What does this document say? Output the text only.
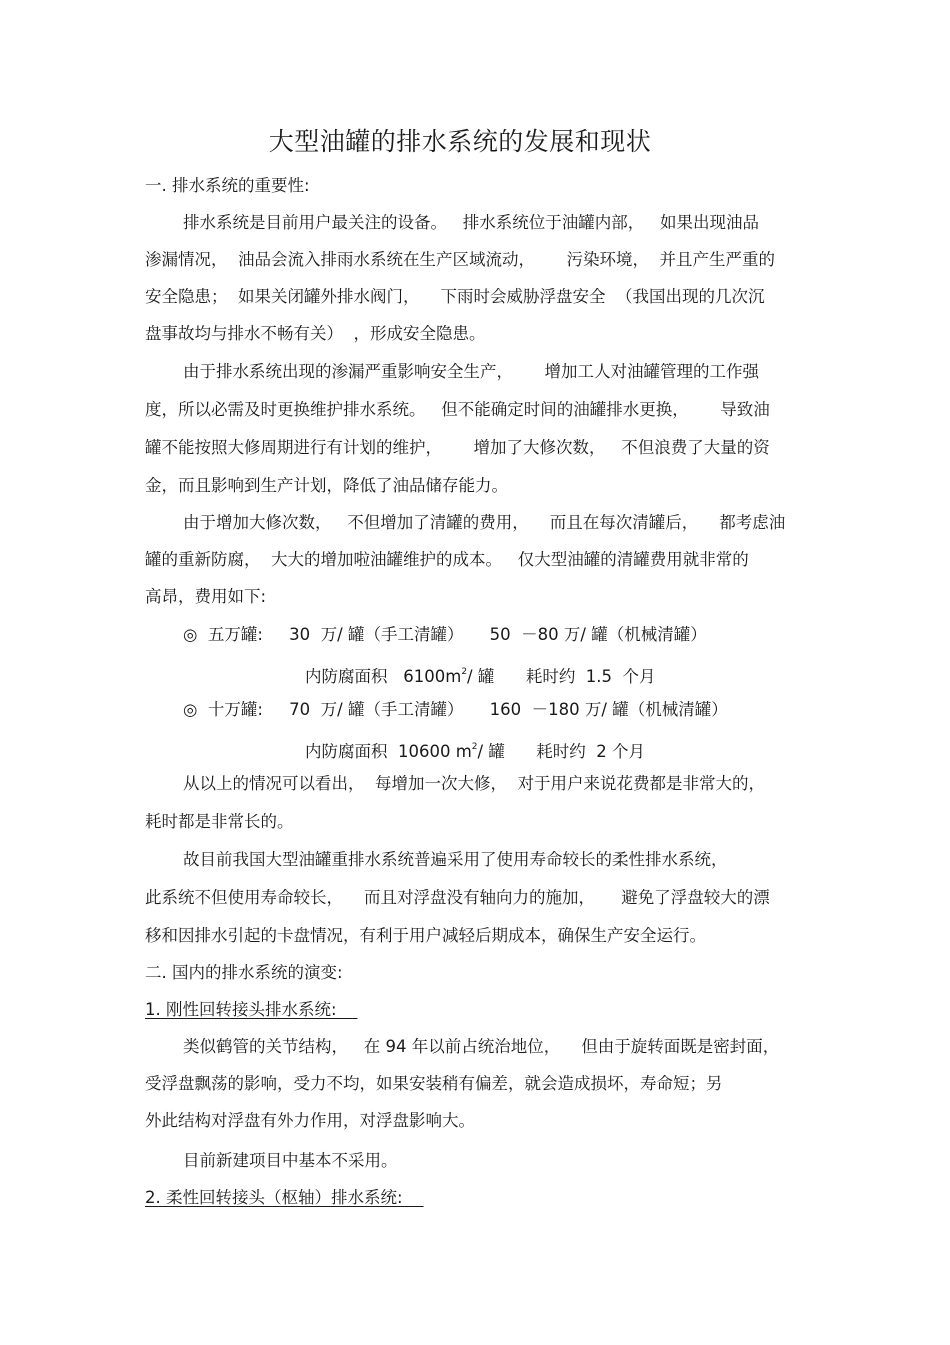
大型油罐的排水系统的发展和现状
一. 排水系统的重要性:
排水系统是目前用户最关注的设备。   排水系统位于油罐内部，   如果出现油品
渗漏情况，  油品会流入排雨水系统在生产区域流动，      污染环境，  并且产生严重的
安全隐患；  如果关闭罐外排水阀门，    下雨时会威胁浮盘安全  （我国出现的几次沉
盘事故均与排水不畅有关）  ，形成安全隐患。
由于排水系统出现的渗漏严重影响安全生产，      增加工人对油罐管理的工作强
度，所以必需及时更换维护排水系统。   但不能确定时间的油罐排水更换，      导致油
罐不能按照大修周期进行有计划的维护，      增加了大修次数，   不但浪费了大量的资
金，而且影响到生产计划，降低了油品储存能力。
由于增加大修次数，   不但增加了清罐的费用，    而且在每次清罐后，    都考虑油
罐的重新防腐，  大大的增加啦油罐维护的成本。   仅大型油罐的清罐费用就非常的
高昂，费用如下:
◎  五万罐:     30  万/ 罐（手工清罐）     50  －80 万/ 罐（机械清罐）
内防腐面积   $6100m^2/$ 罐      耗时约  1.5  个月
◎  十万罐:     70  万/ 罐（手工清罐）     160  －180 万/ 罐（机械清罐）
内防腐面积  10600 $m^2/$ 罐      耗时约  2 个月
从以上的情况可以看出，  每增加一次大修，  对于用户来说花费都是非常大的，
耗时都是非常长的。
故目前我国大型油罐重排水系统普遍采用了使用寿命较长的柔性排水系统，
此系统不但使用寿命较长，    而且对浮盘没有轴向力的施加，     避免了浮盘较大的漂
移和因排水引起的卡盘情况，有利于用户减轻后期成本，确保生产安全运行。
二. 国内的排水系统的演变:
1. 刚性回转接头排水系统:
类似鹤管的关节结构，   在 94 年以前占统治地位，    但由于旋转面既是密封面，
受浮盘飘荡的影响，受力不均，如果安装稍有偏差，就会造成损坏，寿命短；另
外此结构对浮盘有外力作用，对浮盘影响大。
目前新建项目中基本不采用。
2. 柔性回转接头（枢轴）排水系统:
